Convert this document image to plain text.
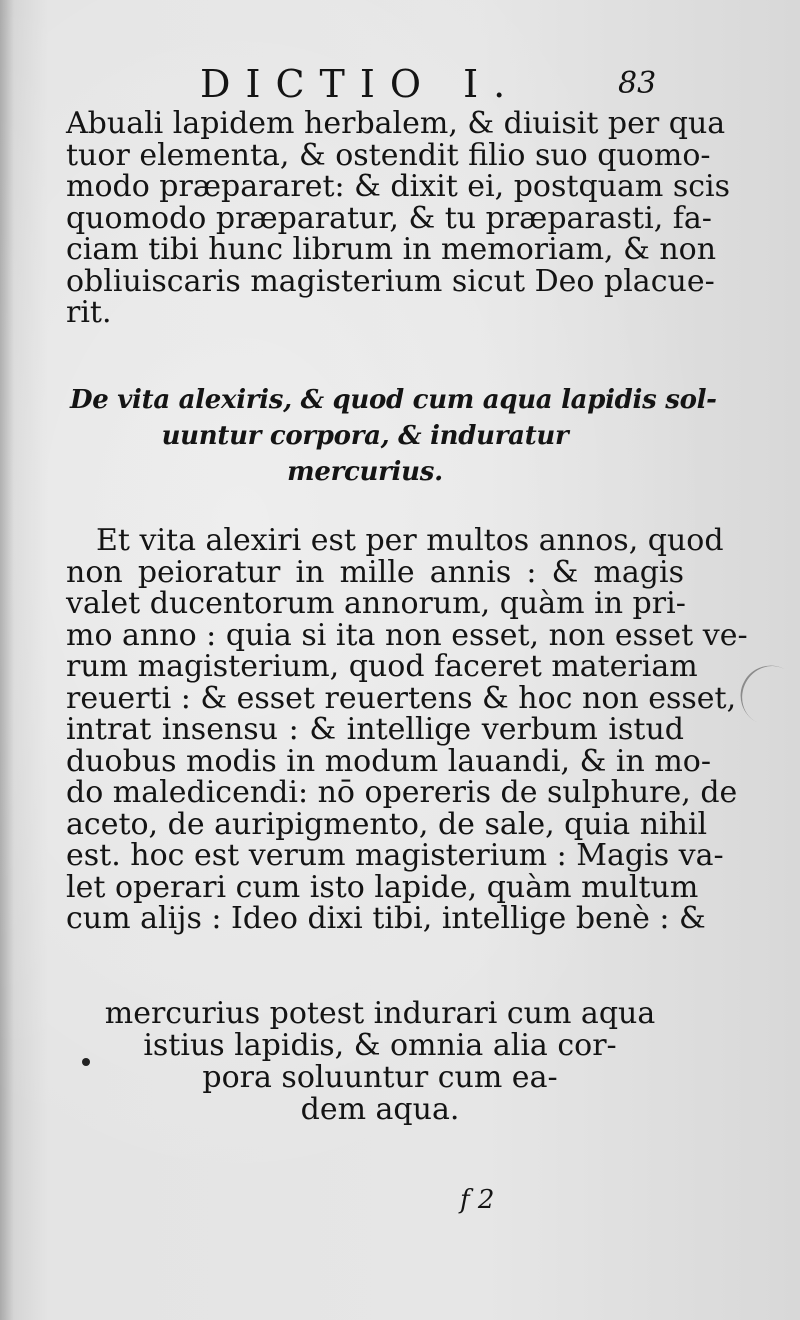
DICTIO I.	83
Abuali lapidem herbalem, & diuisit per qua
tuor elementa, & ostendit filio suo quomo-
modo præpararet: & dixit ei, postquam scis
quomodo præparatur, & tu præparasti, fa-
ciam tibi hunc librum in memoriam, & non
obliuiscaris magisterium sicut Deo placue-
rit.
De vita alexiris, & quod cum aqua lapidis sol-
uuntur corpora, & induratur
mercurius.
Et vita alexiri est per multos annos, quod
non peioratur in mille annis : & magis
valet ducentorum annorum, quàm in pri-
mo anno : quia si ita non esset, non esset ve-
rum magisterium, quod faceret materiam
reuerti : & esset reuertens & hoc non esset,
intrat insensu : & intellige verbum istud
duobus modis in modum lauandi, & in mo-
do maledicendi: nō opereris de sulphure, de
aceto, de auripigmento, de sale, quia nihil
est. hoc est verum magisterium : Magis va-
let operari cum isto lapide, quàm multum
cum alijs : Ideo dixi tibi, intellige benè : &
mercurius potest indurari cum aqua
istius lapidis, & omnia alia cor-
pora soluuntur cum ea-
dem aqua.
f 2
